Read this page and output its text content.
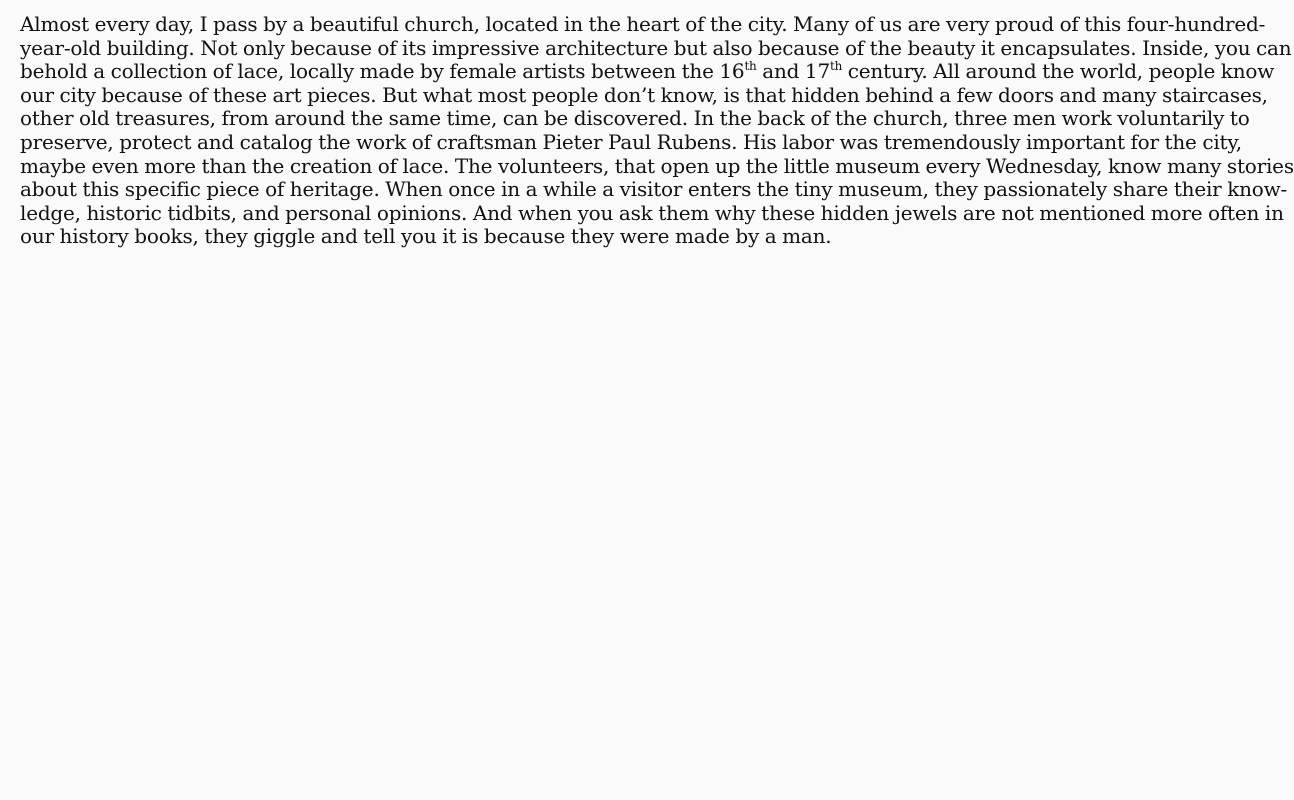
Almost every day, I pass by a beautiful church, located in the heart of the city. Many of us are very proud of this four-hundred-
year-old building. Not only because of its impressive architecture but also because of the beauty it encapsulates. Inside, you can
behold a collection of lace, locally made by female artists between the 16th and 17th century. All around the world, people know
our city because of these art pieces. But what most people don’t know, is that hidden behind a few doors and many staircases,
other old treasures, from around the same time, can be discovered. In the back of the church, three men work voluntarily to
preserve, protect and catalog the work of craftsman Pieter Paul Rubens. His labor was tremendously important for the city,
maybe even more than the creation of lace. The volunteers, that open up the little museum every Wednesday, know many stories
about this specific piece of heritage. When once in a while a visitor enters the tiny museum, they passionately share their know-
ledge, historic tidbits, and personal opinions. And when you ask them why these hidden jewels are not mentioned more often in
our history books, they giggle and tell you it is because they were made by a man.
